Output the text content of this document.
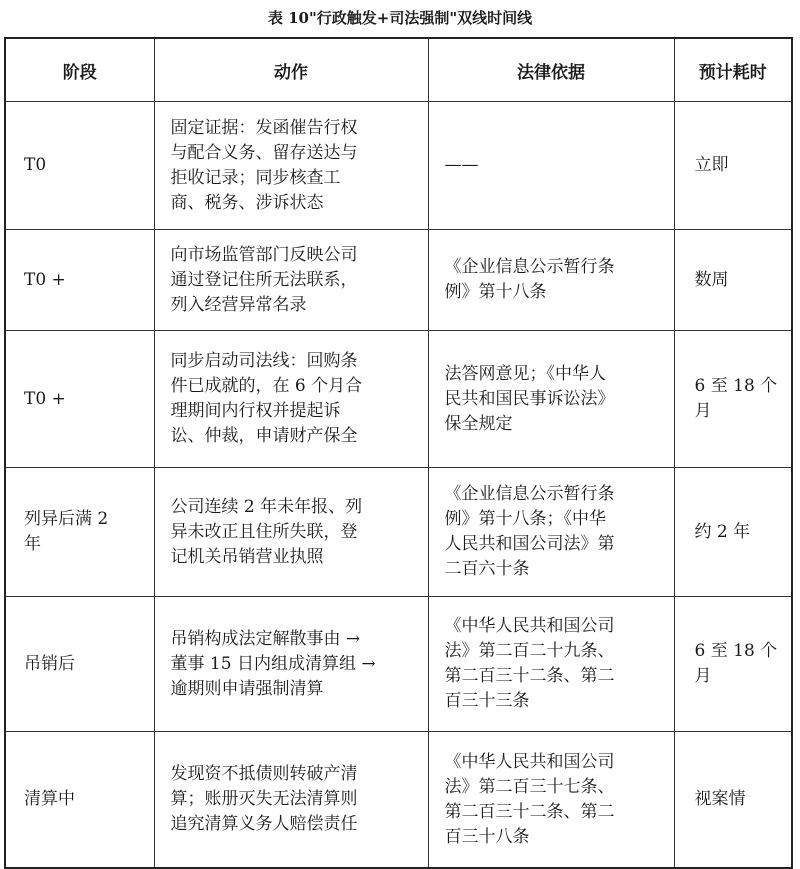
表 10"行政触发+司法强制"双线时间线
阶段	动作	法律依据	预计耗时

T0	固定证据：发函催告行权
与配合义务、留存送达与
拒收记录；同步核查工
商、税务、涉诉状态	——	立即

T0 +	向市场监管部门反映公司
通过登记住所无法联系，
列入经营异常名录	《企业信息公示暂行条
例》第十八条	数周

T0 +	同步启动司法线：回购条
件已成就的，在 6 个月合
理期间内行权并提起诉
讼、仲裁，申请财产保全	法答网意见；《中华人
民共和国民事诉讼法》
保全规定	6 至 18 个
月

列异后满 2
年	公司连续 2 年未年报、列
异未改正且住所失联，登
记机关吊销营业执照	《企业信息公示暂行条
例》第十八条；《中华
人民共和国公司法》第
二百六十条	约 2 年

吊销后	吊销构成法定解散事由 →
董事 15 日内组成清算组 →
逾期则申请强制清算	《中华人民共和国公司
法》第二百二十九条、
第二百三十二条、第二
百三十三条	6 至 18 个
月

清算中	发现资不抵债则转破产清
算；账册灭失无法清算则
追究清算义务人赔偿责任	《中华人民共和国公司
法》第二百三十七条、
第二百三十二条、第二
百三十八条	视案情
